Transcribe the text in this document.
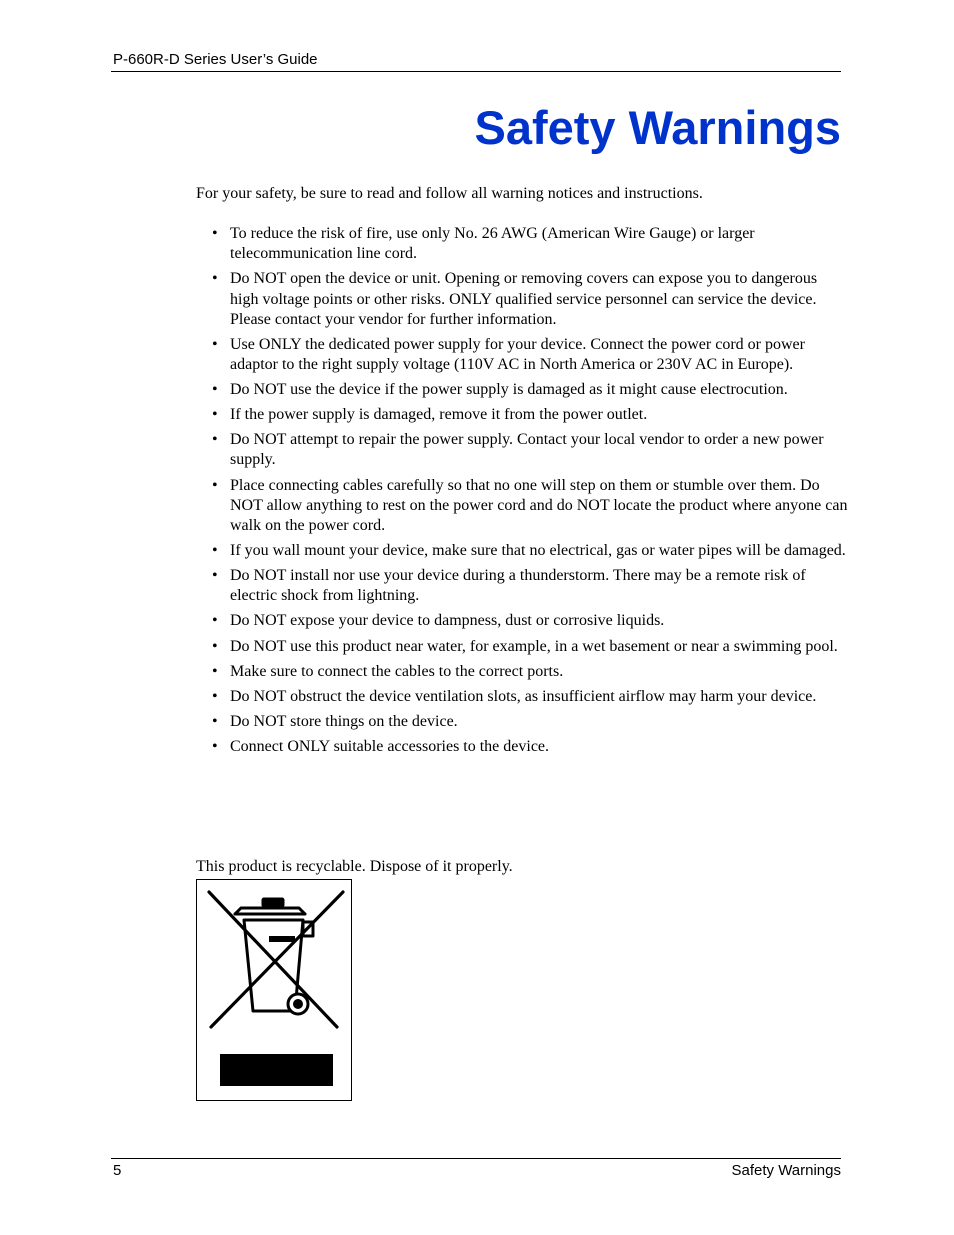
P-660R-D Series User’s Guide
Safety Warnings

For your safety, be sure to read and follow all warning notices and instructions.

• To reduce the risk of fire, use only No. 26 AWG (American Wire Gauge) or larger telecommunication line cord.
• Do NOT open the device or unit. Opening or removing covers can expose you to dangerous high voltage points or other risks. ONLY qualified service personnel can service the device. Please contact your vendor for further information.
• Use ONLY the dedicated power supply for your device. Connect the power cord or power adaptor to the right supply voltage (110V AC in North America or 230V AC in Europe).
• Do NOT use the device if the power supply is damaged as it might cause electrocution.
• If the power supply is damaged, remove it from the power outlet.
• Do NOT attempt to repair the power supply. Contact your local vendor to order a new power supply.
• Place connecting cables carefully so that no one will step on them or stumble over them. Do NOT allow anything to rest on the power cord and do NOT locate the product where anyone can walk on the power cord.
• If you wall mount your device, make sure that no electrical, gas or water pipes will be damaged.
• Do NOT install nor use your device during a thunderstorm. There may be a remote risk of electric shock from lightning.
• Do NOT expose your device to dampness, dust or corrosive liquids.
• Do NOT use this product near water, for example, in a wet basement or near a swimming pool.
• Make sure to connect the cables to the correct ports.
• Do NOT obstruct the device ventilation slots, as insufficient airflow may harm your device.
• Do NOT store things on the device.
• Connect ONLY suitable accessories to the device.

This product is recyclable. Dispose of it properly.

5	Safety Warnings
